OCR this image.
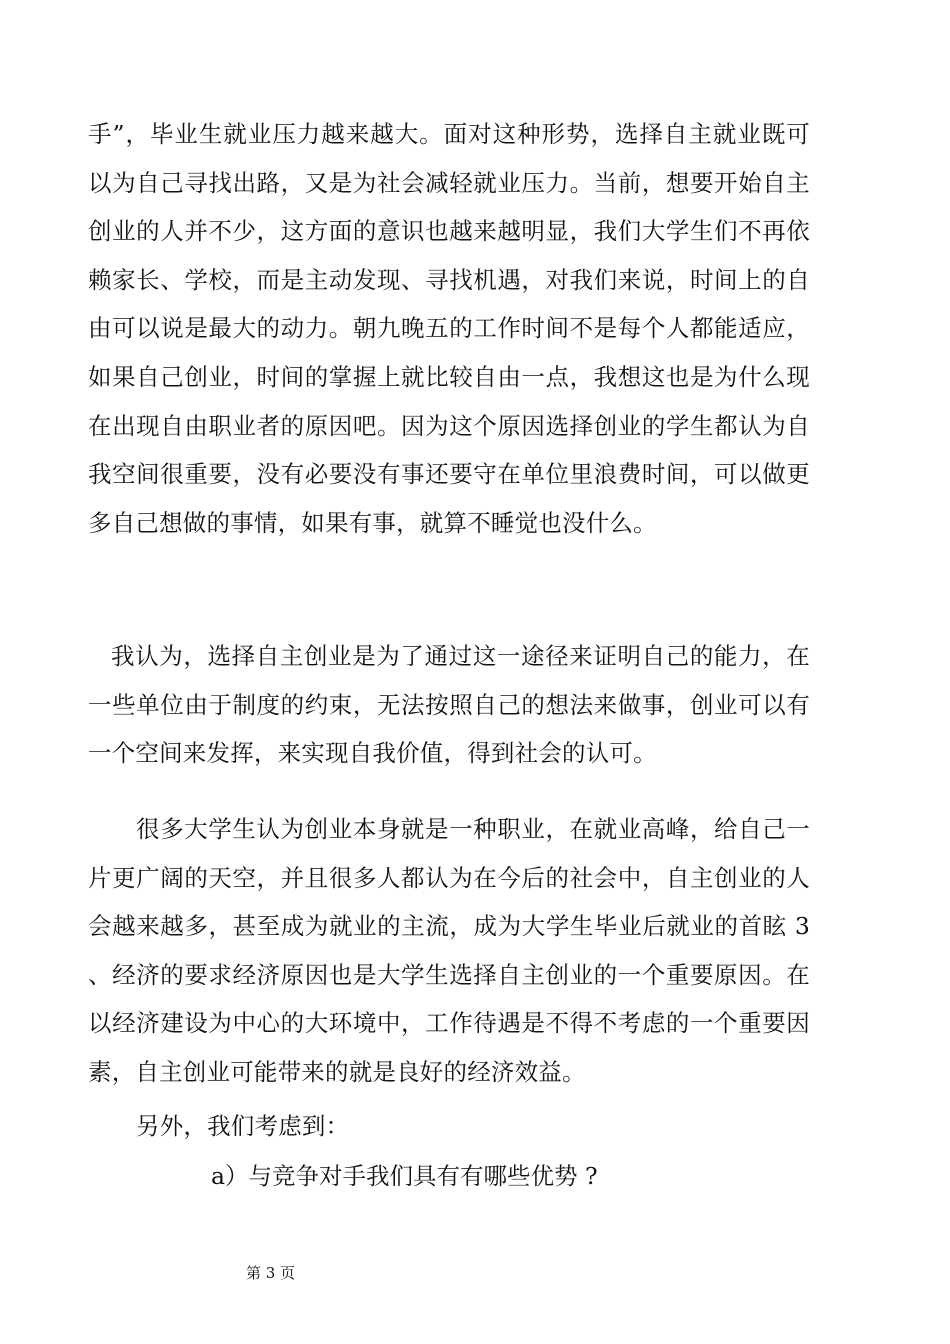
手”，毕业生就业压力越来越大。面对这种形势，选择自主就业既可以为自己寻找出路，又是为社会减轻就业压力。当前，想要开始自主创业的人并不少，这方面的意识也越来越明显，我们大学生们不再依赖家长、学校，而是主动发现、寻找机遇，对我们来说，时间上的自由可以说是最大的动力。朝九晚五的工作时间不是每个人都能适应，如果自己创业，时间的掌握上就比较自由一点，我想这也是为什么现在出现自由职业者的原因吧。因为这个原因选择创业的学生都认为自我空间很重要，没有必要没有事还要守在单位里浪费时间，可以做更多自己想做的事情，如果有事，就算不睡觉也没什么。

我认为，选择自主创业是为了通过这一途径来证明自己的能力，在一些单位由于制度的约束，无法按照自己的想法来做事，创业可以有一个空间来发挥，来实现自我价值，得到社会的认可。

很多大学生认为创业本身就是一种职业，在就业高峰，给自己一片更广阔的天空，并且很多人都认为在今后的社会中，自主创业的人会越来越多，甚至成为就业的主流，成为大学生毕业后就业的首眩 3 、经济的要求经济原因也是大学生选择自主创业的一个重要原因。在以经济建设为中心的大环境中，工作待遇是不得不考虑的一个重要因素，自主创业可能带来的就是良好的经济效益。

另外，我们考虑到：

a）与竞争对手我们具有有哪些优势 ?

第 3 页
